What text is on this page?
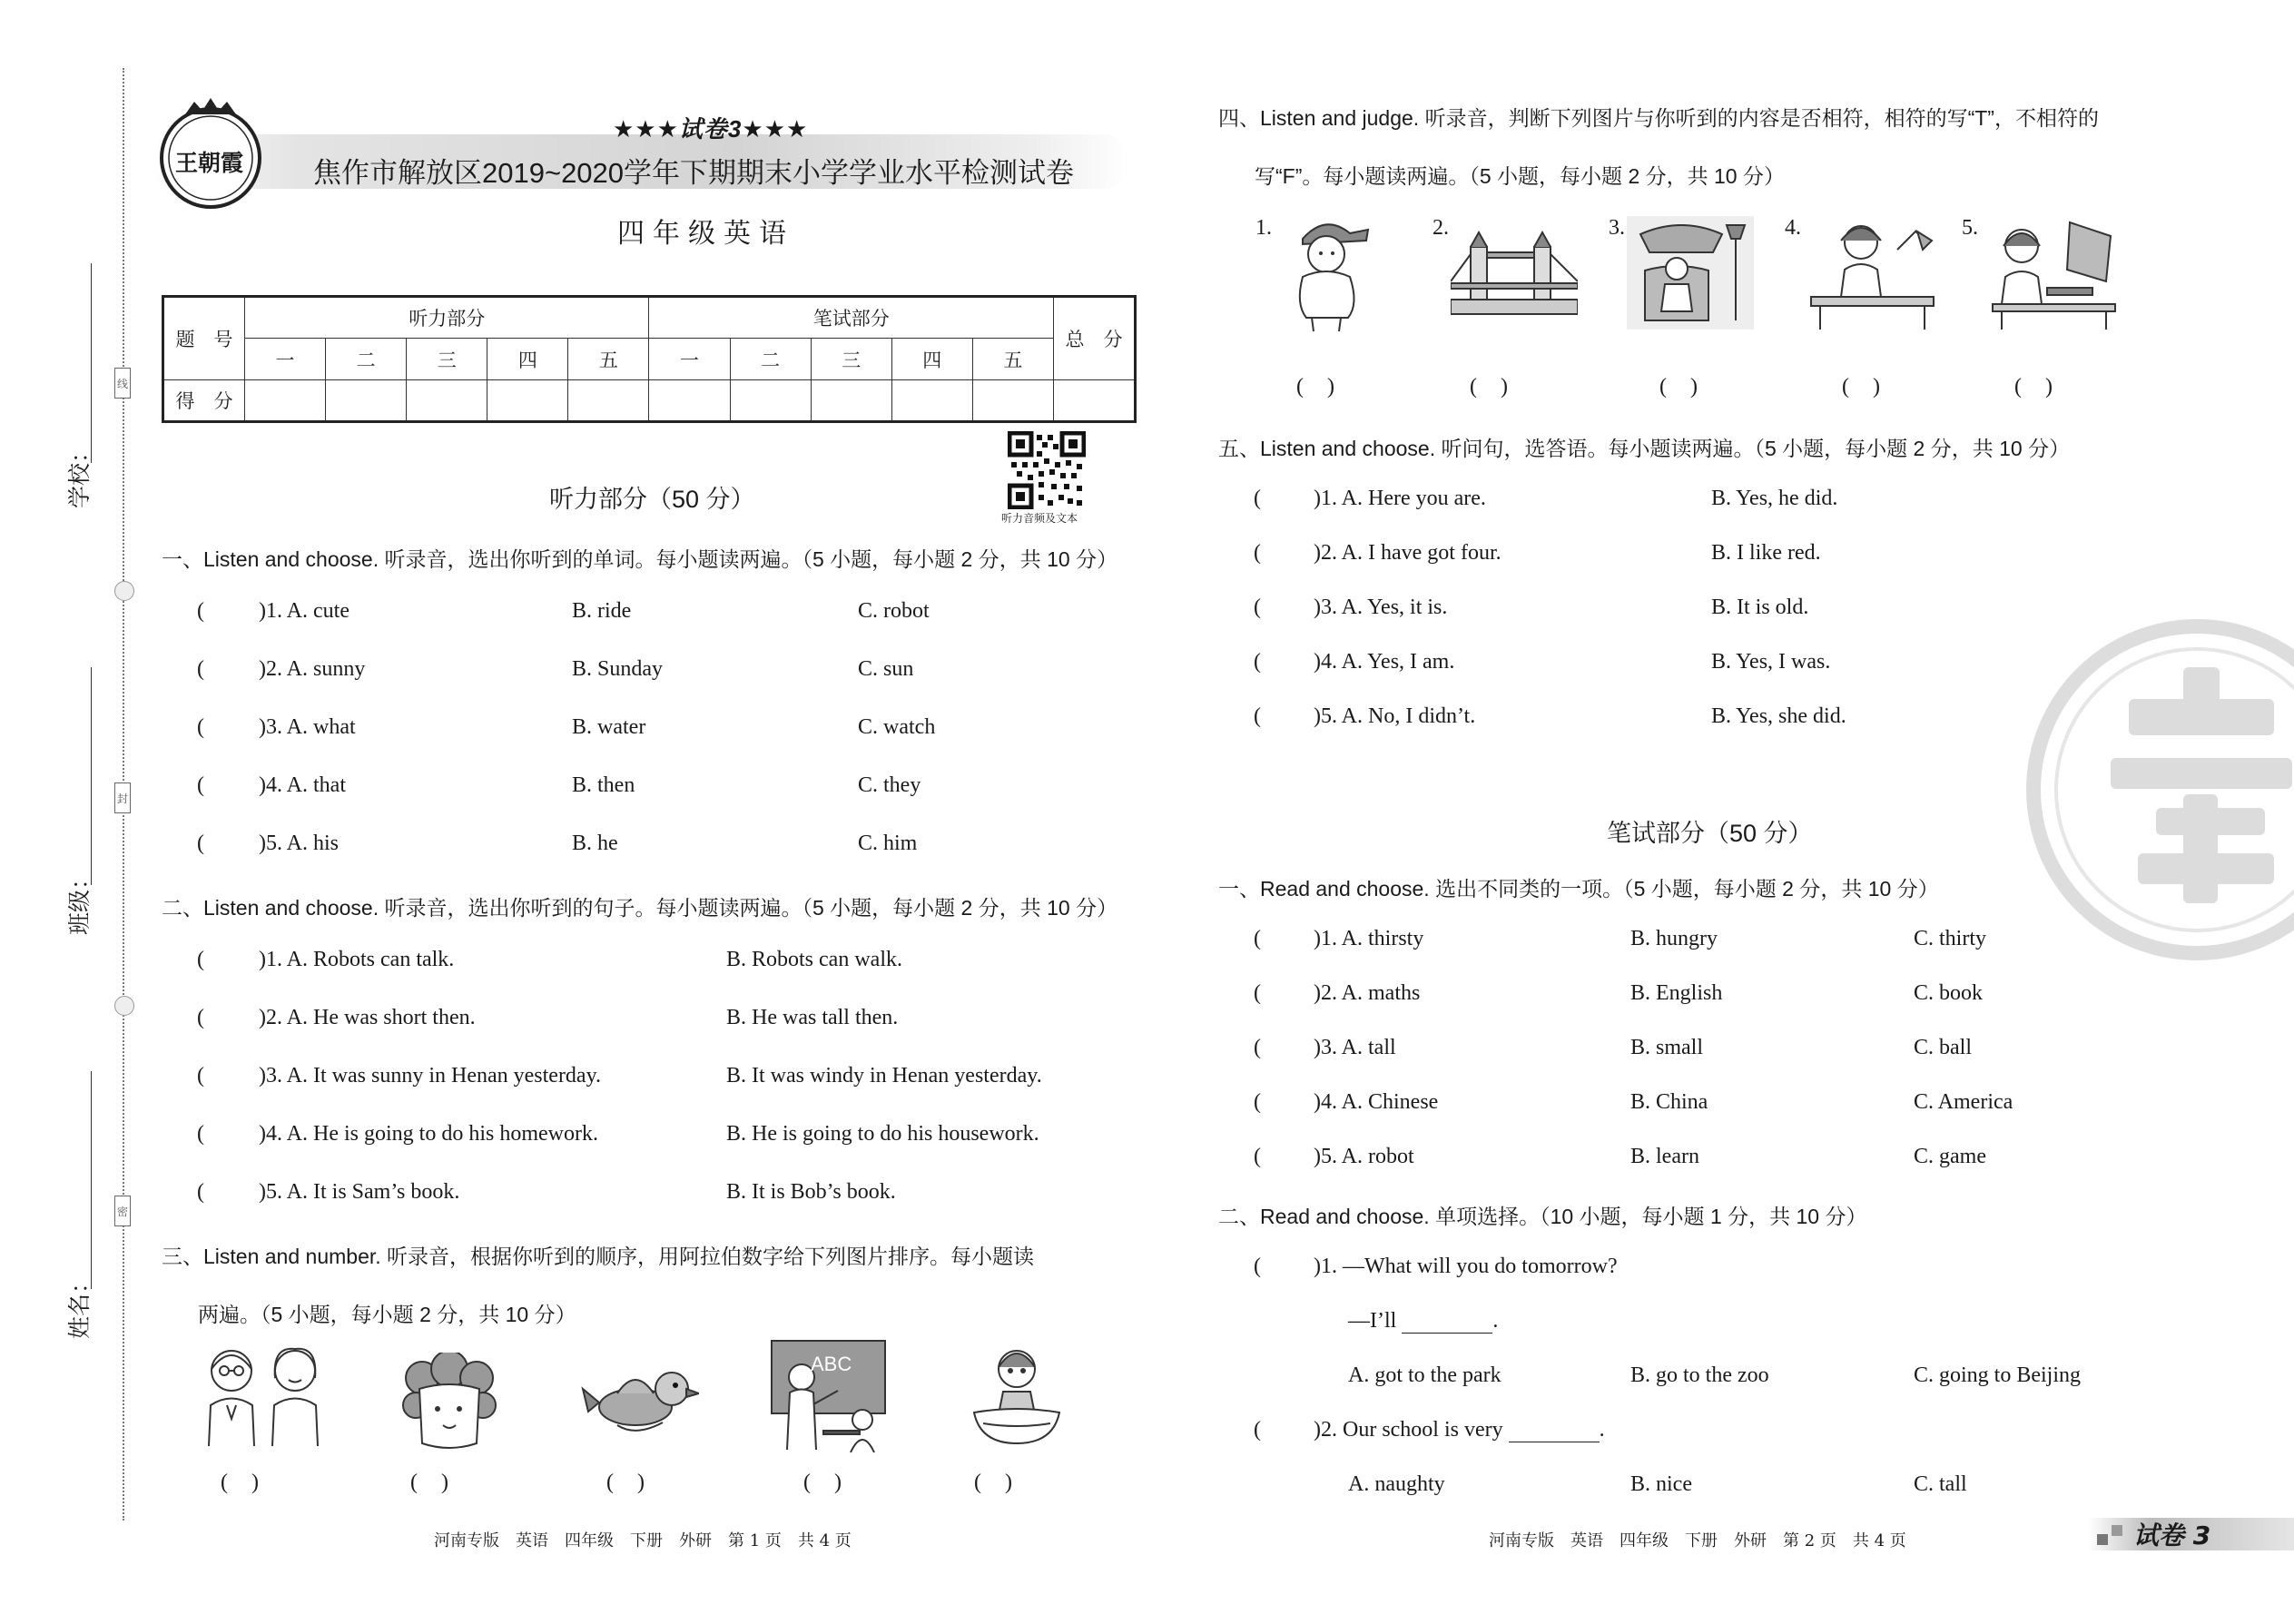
线
封
密
学校：
班级：
姓名：
王朝霞
★★★试卷3★★★
焦作市解放区2019~2020学年下期期末小学学业水平检测试卷
四年级英语
题　号	听力部分					笔试部分					总　分
	一	二	三	四	五	一	二	三	四	五	
得　分											
听力音频及文本
听力部分（50 分）
一、Listen and choose. 听录音，选出你听到的单词。每小题读两遍。（5 小题，每小题 2 分，共 10 分）
(	)1. A. cute	B. ride	C. robot
(	)2. A. sunny	B. Sunday	C. sun
(	)3. A. what	B. water	C. watch
(	)4. A. that	B. then	C. they
(	)5. A. his	B. he	C. him
二、Listen and choose. 听录音，选出你听到的句子。每小题读两遍。（5 小题，每小题 2 分，共 10 分）
(	)1. A. Robots can talk.	B. Robots can walk.
(	)2. A. He was short then.	B. He was tall then.
(	)3. A. It was sunny in Henan yesterday.	B. It was windy in Henan yesterday.
(	)4. A. He is going to do his homework.	B. He is going to do his housework.
(	)5. A. It is Sam’s book.	B. It is Bob’s book.
三、Listen and number. 听录音，根据你听到的顺序，用阿拉伯数字给下列图片排序。每小题读
两遍。（5 小题，每小题 2 分，共 10 分）
ABC
()	()	()	()	()
河南专版　英语　四年级　下册　外研　第 1 页　共 4 页
四、Listen and judge. 听录音，判断下列图片与你听到的内容是否相符，相符的写“T”，不相符的
写“F”。每小题读两遍。（5 小题，每小题 2 分，共 10 分）
1.	2.	3.	4.	5.
()	()	()	()	()
五、Listen and choose. 听问句，选答语。每小题读两遍。（5 小题，每小题 2 分，共 10 分）
( )1. A. Here you are.	B. Yes, he did.
( )2. A. I have got four.	B. I like red.
( )3. A. Yes, it is.	B. It is old.
( )4. A. Yes, I am.	B. Yes, I was.
( )5. A. No, I didn’t.	B. Yes, she did.
笔试部分（50 分）
一、Read and choose. 选出不同类的一项。（5 小题，每小题 2 分，共 10 分）
( )1. A. thirsty	B. hungry	C. thirty
( )2. A. maths	B. English	C. book
( )3. A. tall	B. small	C. ball
( )4. A. Chinese	B. China	C. America
( )5. A. robot	B. learn	C. game
二、Read and choose. 单项选择。（10 小题，每小题 1 分，共 10 分）
( )1. —What will you do tomorrow?
—I’ll	.
A. got to the park	B. go to the zoo	C. going to Beijing
( )2. Our school is very	.
A. naughty	B. nice	C. tall
河南专版　英语　四年级　下册　外研　第 2 页　共 4 页	试卷 3
